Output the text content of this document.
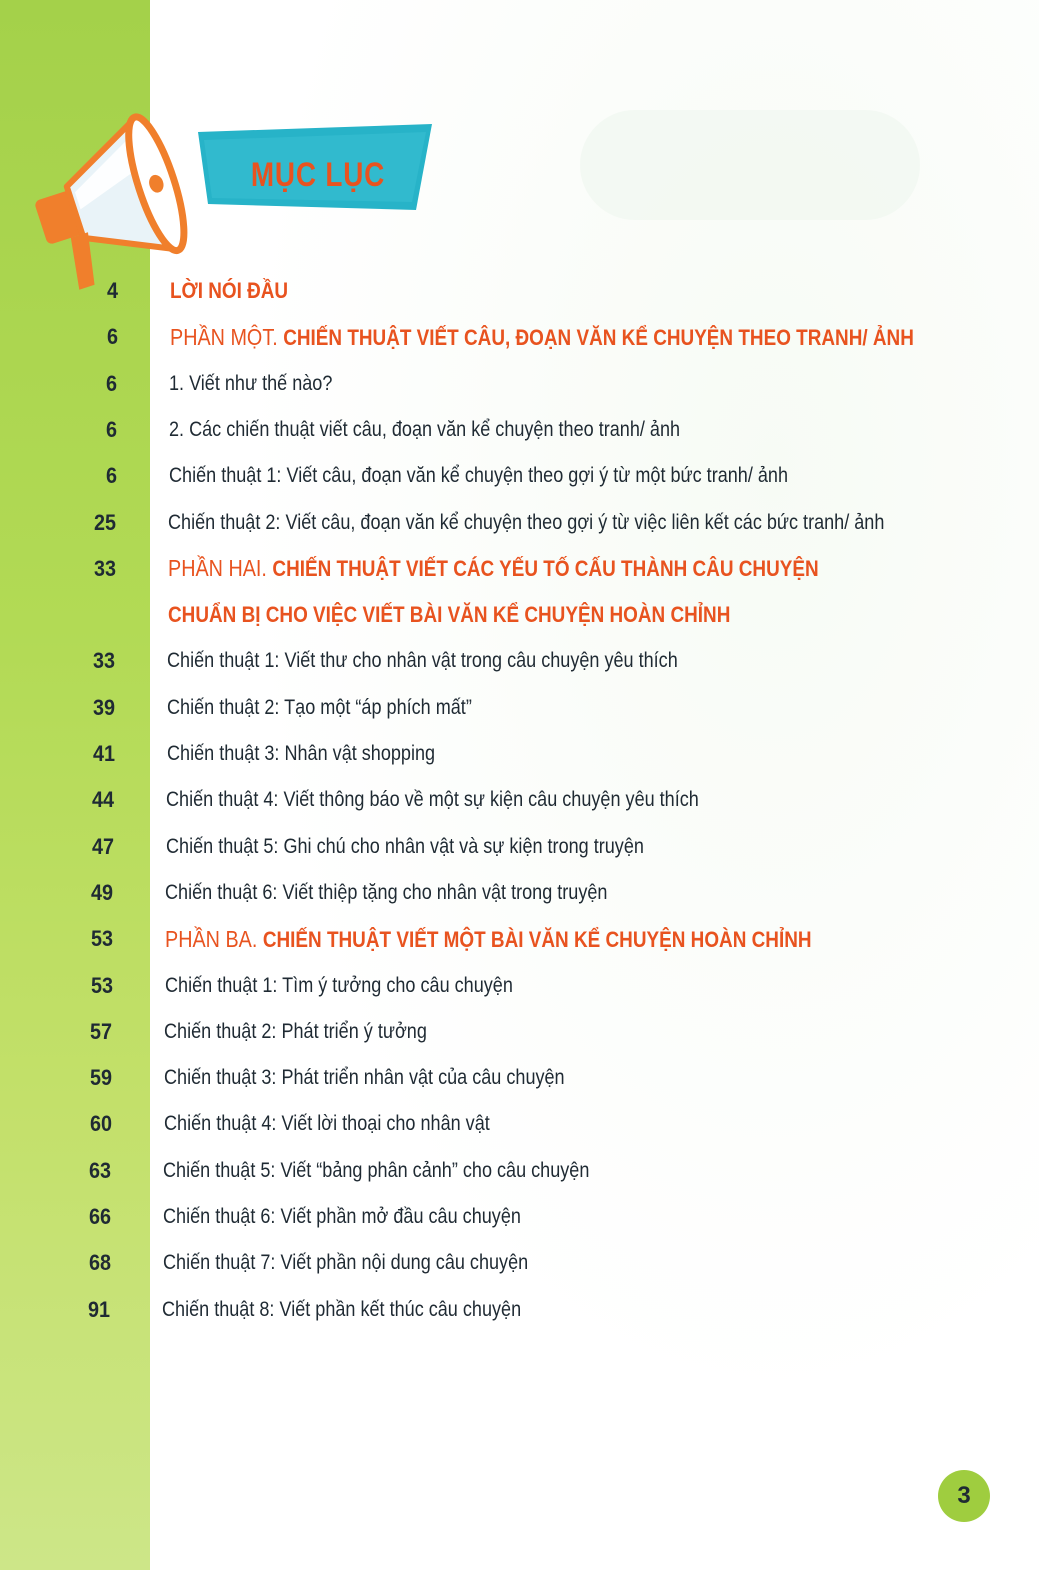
MỤC LỤC
4 LỜI NÓI ĐẦU
6 PHẦN MỘT. CHIẾN THUẬT VIẾT CÂU, ĐOẠN VĂN KỂ CHUYỆN THEO TRANH/ ẢNH
6 1. Viết như thế nào?
6 2. Các chiến thuật viết câu, đoạn văn kể chuyện theo tranh/ ảnh
6 Chiến thuật 1: Viết câu, đoạn văn kể chuyện theo gợi ý từ một bức tranh/ ảnh
25 Chiến thuật 2: Viết câu, đoạn văn kể chuyện theo gợi ý từ việc liên kết các bức tranh/ ảnh
33 PHẦN HAI. CHIẾN THUẬT VIẾT CÁC YẾU TỐ CẤU THÀNH CÂU CHUYỆN
CHUẨN BỊ CHO VIỆC VIẾT BÀI VĂN KỂ CHUYỆN HOÀN CHỈNH
33 Chiến thuật 1: Viết thư cho nhân vật trong câu chuyện yêu thích
39 Chiến thuật 2: Tạo một “áp phích mất”
41 Chiến thuật 3: Nhân vật shopping
44 Chiến thuật 4: Viết thông báo về một sự kiện câu chuyện yêu thích
47 Chiến thuật 5: Ghi chú cho nhân vật và sự kiện trong truyện
49 Chiến thuật 6: Viết thiệp tặng cho nhân vật trong truyện
53 PHẦN BA. CHIẾN THUẬT VIẾT MỘT BÀI VĂN KỂ CHUYỆN HOÀN CHỈNH
53 Chiến thuật 1: Tìm ý tưởng cho câu chuyện
57 Chiến thuật 2: Phát triển ý tưởng
59 Chiến thuật 3: Phát triển nhân vật của câu chuyện
60 Chiến thuật 4: Viết lời thoại cho nhân vật
63 Chiến thuật 5: Viết “bảng phân cảnh” cho câu chuyện
66 Chiến thuật 6: Viết phần mở đầu câu chuyện
68 Chiến thuật 7: Viết phần nội dung câu chuyện
91 Chiến thuật 8: Viết phần kết thúc câu chuyện
3
